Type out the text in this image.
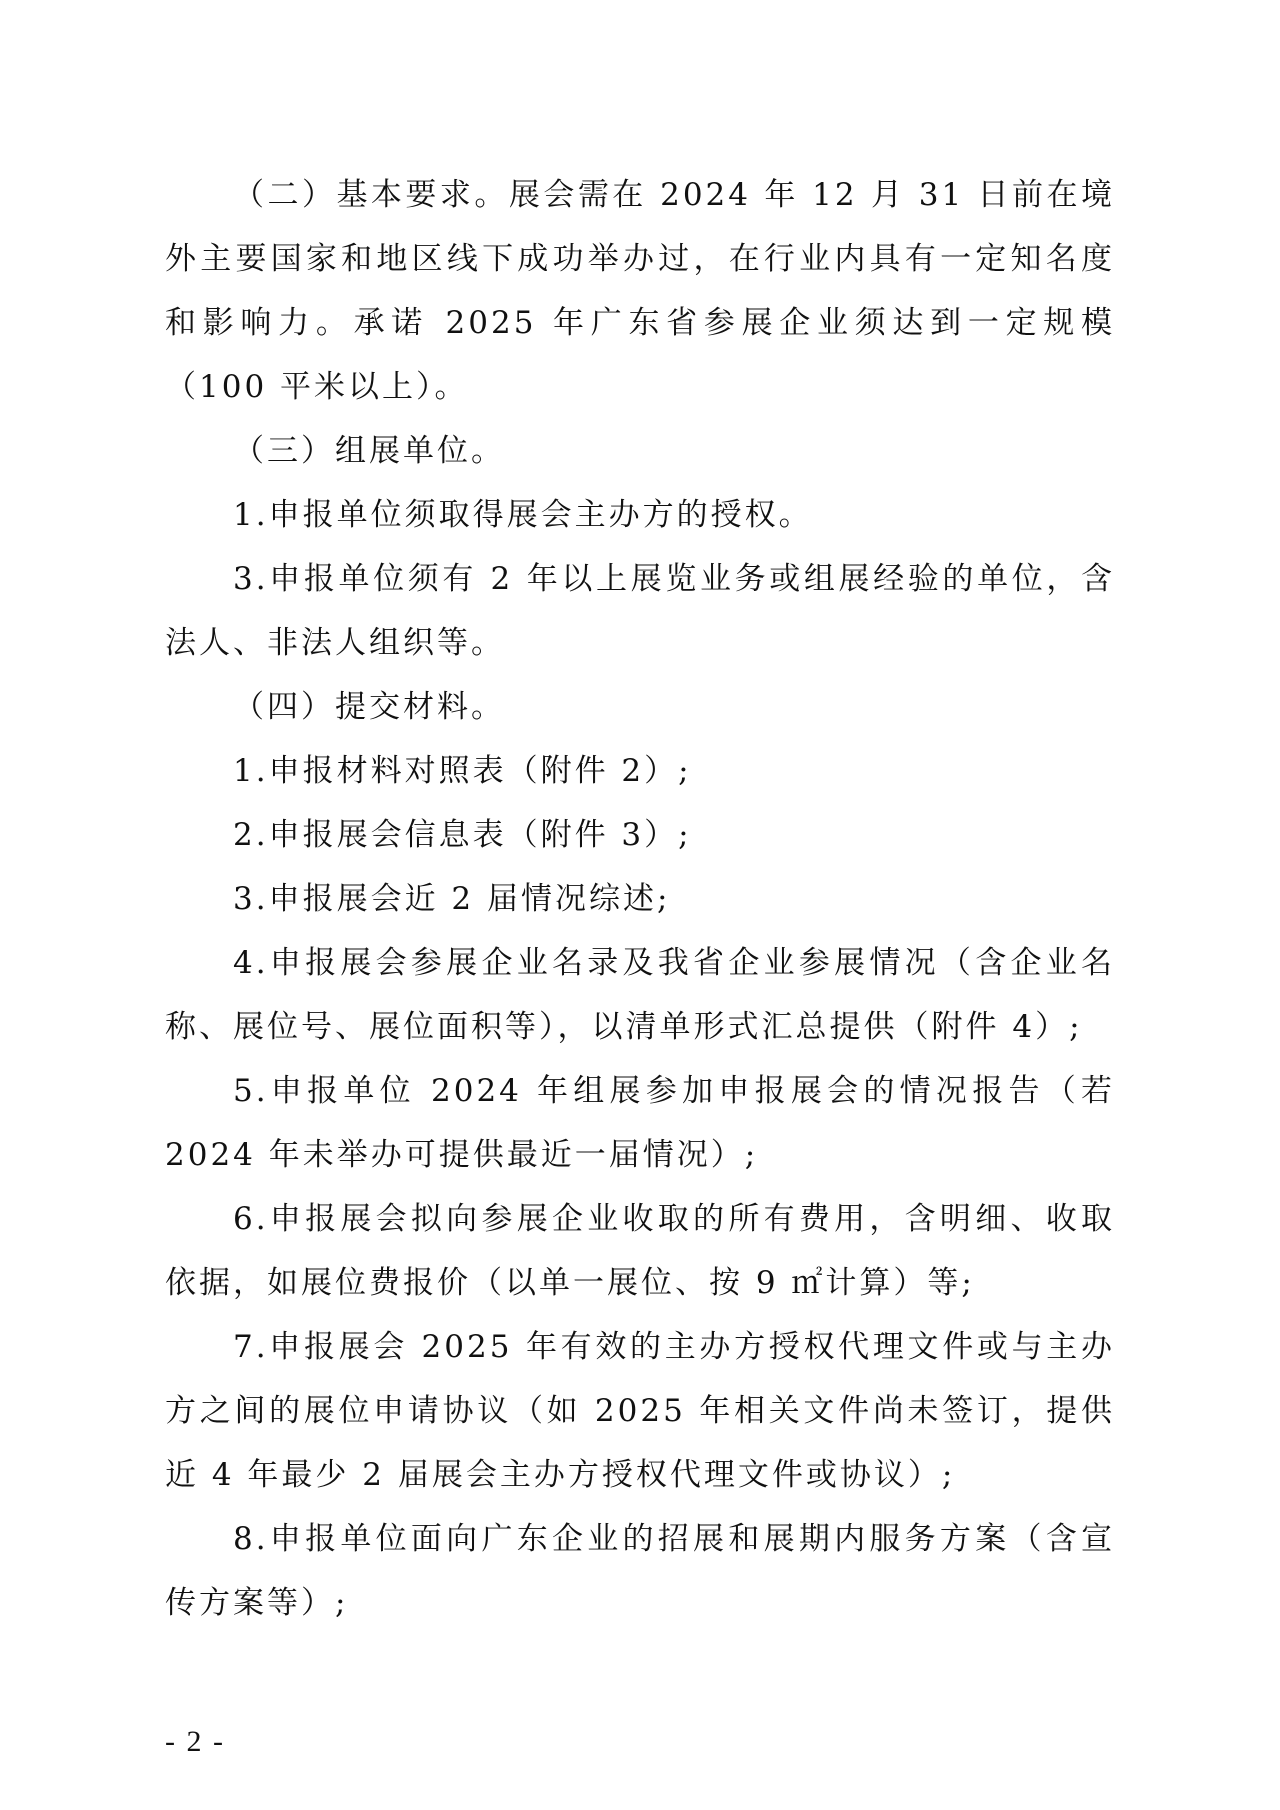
（二）基本要求。展会需在 2024 年 12 月 31 日前在境外主要国家和地区线下成功举办过，在行业内具有一定知名度和影响力。承诺 2025 年广东省参展企业须达到一定规模（100 平米以上）。

（三）组展单位。

1.申报单位须取得展会主办方的授权。

3.申报单位须有 2 年以上展览业务或组展经验的单位，含法人、非法人组织等。

（四）提交材料。

1.申报材料对照表（附件 2）;

2.申报展会信息表（附件 3）;

3.申报展会近 2 届情况综述;

4.申报展会参展企业名录及我省企业参展情况（含企业名称、展位号、展位面积等），以清单形式汇总提供（附件 4）;

5.申报单位 2024 年组展参加申报展会的情况报告（若 2024 年未举办可提供最近一届情况）;

6.申报展会拟向参展企业收取的所有费用，含明细、收取依据，如展位费报价（以单一展位、按 9 ㎡计算）等;

7.申报展会 2025 年有效的主办方授权代理文件或与主办方之间的展位申请协议（如 2025 年相关文件尚未签订，提供近 4 年最少 2 届展会主办方授权代理文件或协议）;

8.申报单位面向广东企业的招展和展期内服务方案（含宣传方案等）;

- 2 -
